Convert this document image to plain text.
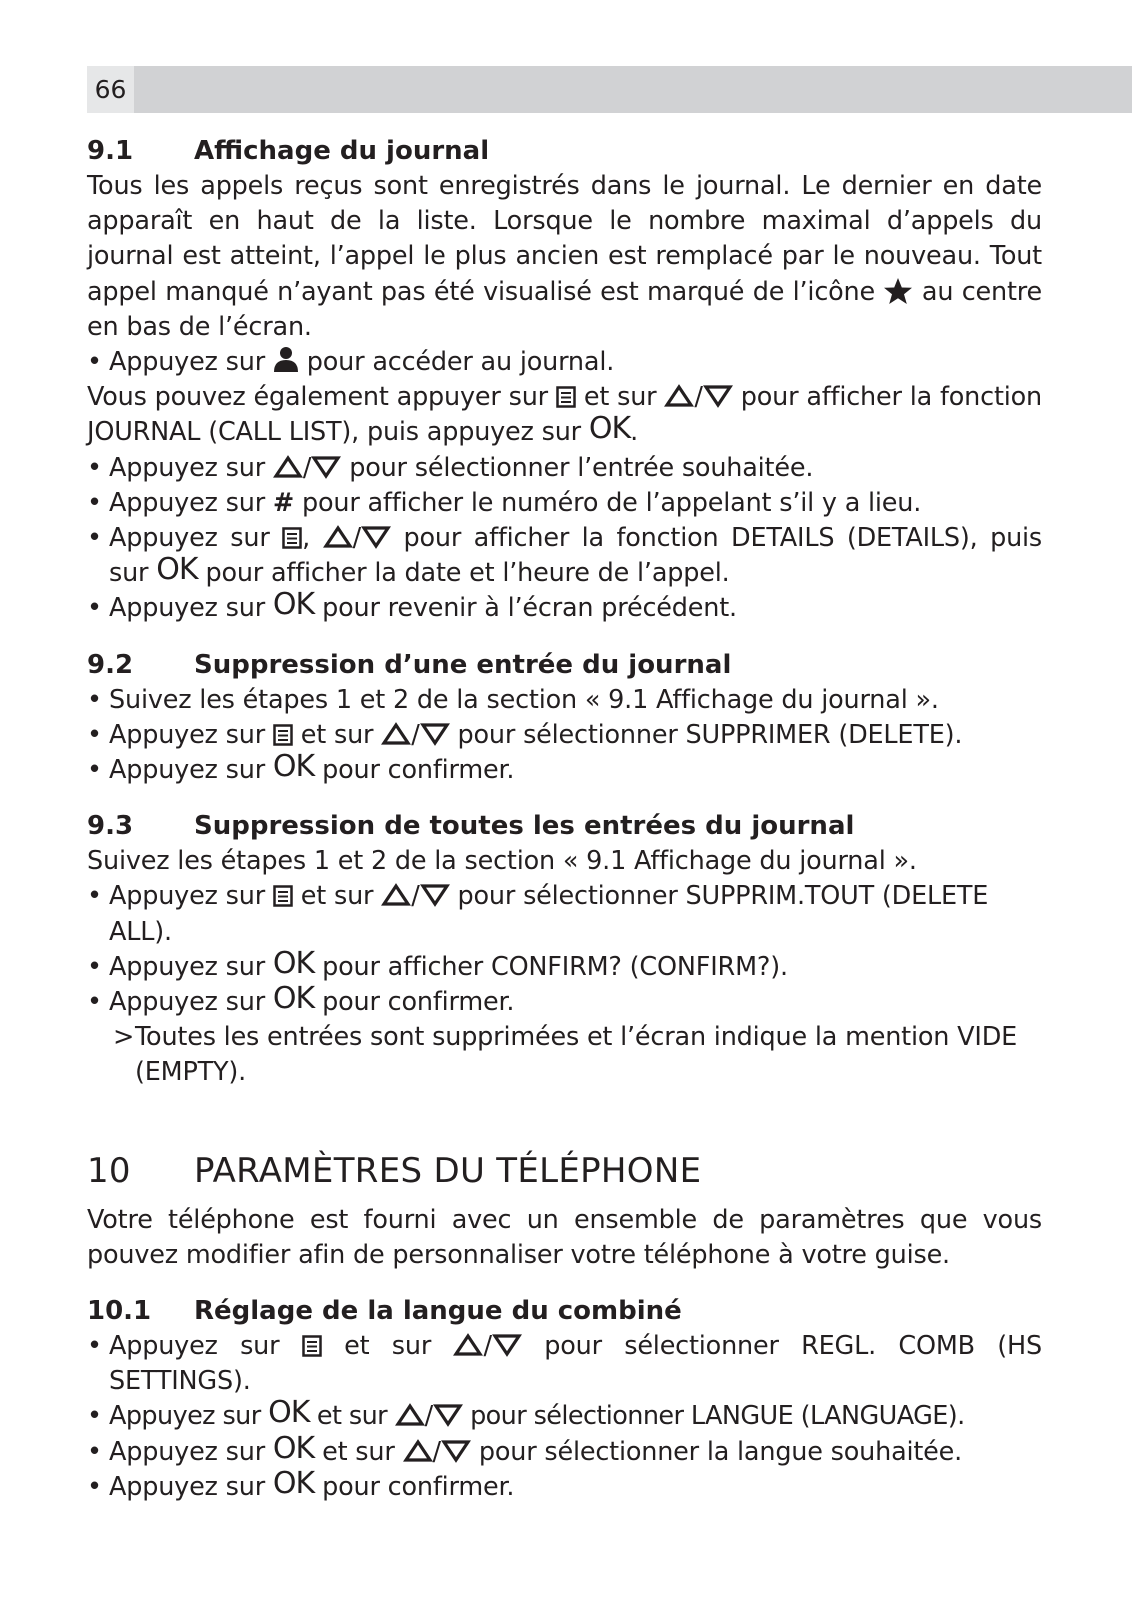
66
9.1	Affichage du journal

Tous les appels reçus sont enregistrés dans le journal. Le dernier en date apparaît en haut de la liste. Lorsque le nombre maximal d’appels du journal est atteint, l’appel le plus ancien est remplacé par le nouveau. Tout appel manqué n’ayant pas été visualisé est marqué de l’icône au centre en bas de l’écran.

• Appuyez sur pour accéder au journal.

Vous pouvez également appuyer sur et sur / pour afficher la fonction JOURNAL (CALL LIST), puis appuyez sur OK.

• Appuyez sur / pour sélectionner l’entrée souhaitée.
• Appuyez sur # pour afficher le numéro de l’appelant s’il y a lieu.
• Appuyez sur , / pour afficher la fonction DETAILS (DETAILS), puis sur OK pour afficher la date et l’heure de l’appel.
• Appuyez sur OK pour revenir à l’écran précédent.
9.2	Suppression d’une entrée du journal
• Suivez les étapes 1 et 2 de la section « 9.1 Affichage du journal ».
• Appuyez sur et sur / pour sélectionner SUPPRIMER (DELETE).
• Appuyez sur OK pour confirmer.
9.3	Suppression de toutes les entrées du journal

Suivez les étapes 1 et 2 de la section « 9.1 Affichage du journal ».

• Appuyez sur et sur / pour sélectionner SUPPRIM.TOUT (DELETE ALL).
• Appuyez sur OK pour afficher CONFIRM? (CONFIRM?).
• Appuyez sur OK pour confirmer.
> Toutes les entrées sont supprimées et l’écran indique la mention VIDE (EMPTY).
10	PARAMÈTRES DU TÉLÉPHONE

Votre téléphone est fourni avec un ensemble de paramètres que vous pouvez modifier afin de personnaliser votre téléphone à votre guise.

10.1	Réglage de la langue du combiné
• Appuyez sur	et sur / pour sélectionner REGL. COMB (HS SETTINGS).
• Appuyez sur OK et sur / pour sélectionner LANGUE (LANGUAGE).
• Appuyez sur OK et sur / pour sélectionner la langue souhaitée.
• Appuyez sur OK pour confirmer.
